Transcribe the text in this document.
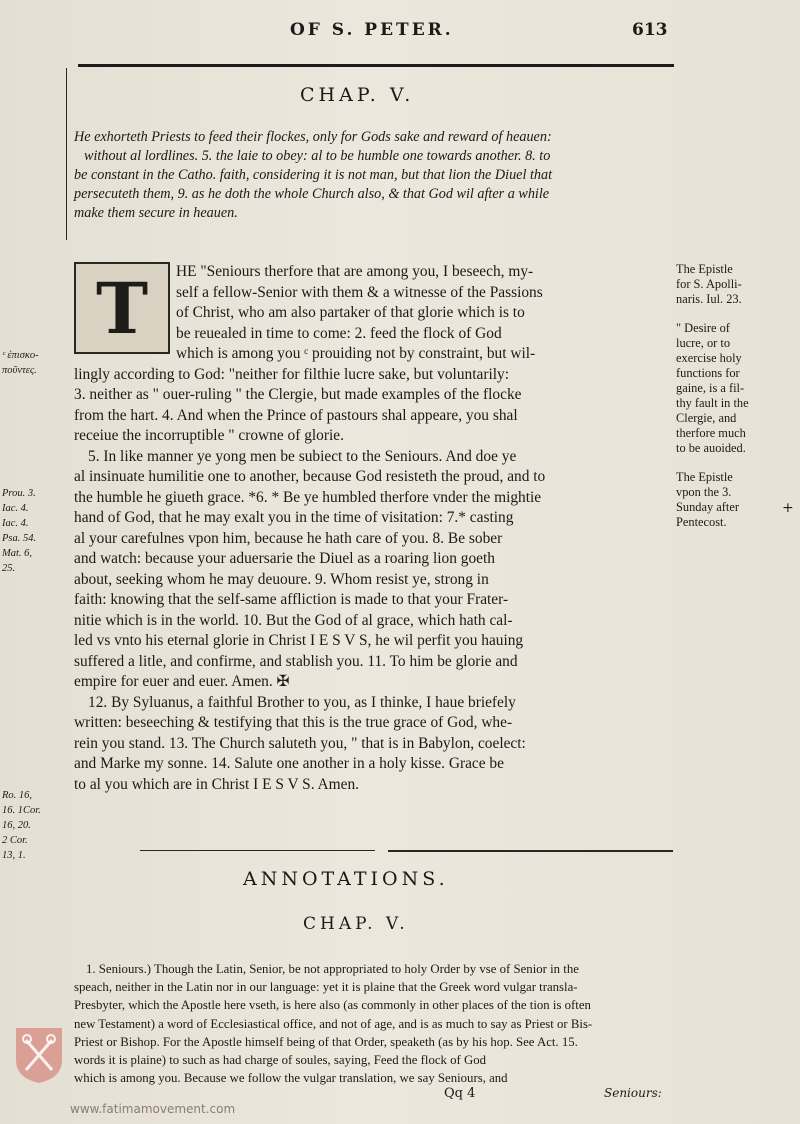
OF S. PETER.	613
CHAP. V.

He exhorteth Priests to feed their flockes, only for Gods sake and reward of heauen:

without al lordlines. 5. the laie to obey: al to be humble one towards another. 8. to

be constant in the Catho. faith, considering it is not man, but that lion the Diuel that

persecuteth them, 9. as he doth the whole Church also, & that God wil after a while

make them secure in heauen.

T	HE "Seniours therfore that are among you, I beseech, my-

self a fellow-Senior with them & a witnesse of the Passions

of Christ, who am also partaker of that glorie which is to

be reuealed in time to come: 2. feed the flock of God

which is among you ᶜ prouiding not by constraint, but wil-

lingly according to God: "neither for filthie lucre sake, but voluntarily:

3. neither as " ouer-ruling " the Clergie, but made examples of the flocke

from the hart. 4. And when the Prince of pastours shal appeare, you shal

receiue the incorruptible " crowne of glorie.

5. In like manner ye yong men be subiect to the Seniours. And doe ye

al insinuate humilitie one to another, because God resisteth the proud, and to

the humble he giueth grace. *6. * Be ye humbled therfore vnder the mightie

hand of God, that he may exalt you in the time of visitation: 7.* casting

al your carefulnes vpon him, because he hath care of you. 8. Be sober

and watch: because your aduersarie the Diuel as a roaring lion goeth

about, seeking whom he may deuoure. 9. Whom resist ye, strong in

faith: knowing that the self-same affliction is made to that your Frater-

nitie which is in the world. 10. But the God of al grace, which hath cal-

led vs vnto his eternal glorie in Christ I E S V S, he wil perfit you hauing

suffered a litle, and confirme, and stablish you. 11. To him be glorie and

empire for euer and euer. Amen. ✠

12. By Syluanus, a faithful Brother to you, as I thinke, I haue briefely

written: beseeching & testifying that this is the true grace of God, whe-

rein you stand. 13. The Church saluteth you, " that is in Babylon, coelect:

and Marke my sonne. 14. Salute one another in a holy kisse. Grace be

to al you which are in Christ I E S V S. Amen.

The Epistle

for S. Apolli-

naris. Iul. 23.

" Desire of

lucre, or to

exercise holy

functions for

gaine, is a fil-

thy fault in the

Clergie, and

therfore much

to be auoided.

The Epistle

vpon the 3.

Sunday after

Pentecost.

+

ᶜ ἐπισκο-

ποῦντες.

Prou. 3.

Iac. 4.

Iac. 4.

Psa. 54.

Mat. 6,

25.

Ro. 16,

16. 1Cor.

16, 20.

2 Cor.

13, 1.

ANNOTATIONS.
CHAP. V.

1. Seniours.) Though the Latin, Senior, be not appropriated to holy Order by vse of Senior in the

speach, neither in the Latin nor in our language: yet it is plaine that the Greek word vulgar transla-

Presbyter, which the Apostle here vseth, is here also (as commonly in other places of the tion is often

new Testament) a word of Ecclesiastical office, and not of age, and is as much to say as Priest or Bis-

Priest or Bishop. For the Apostle himself being of that Order, speaketh (as by his hop. See Act. 15.

words it is plaine) to such as had charge of soules, saying, Feed the flock of God

which is among you. Because we follow the vulgar translation, we say Seniours, and

Qq 4	Seniours:
www.fatimamovement.com
